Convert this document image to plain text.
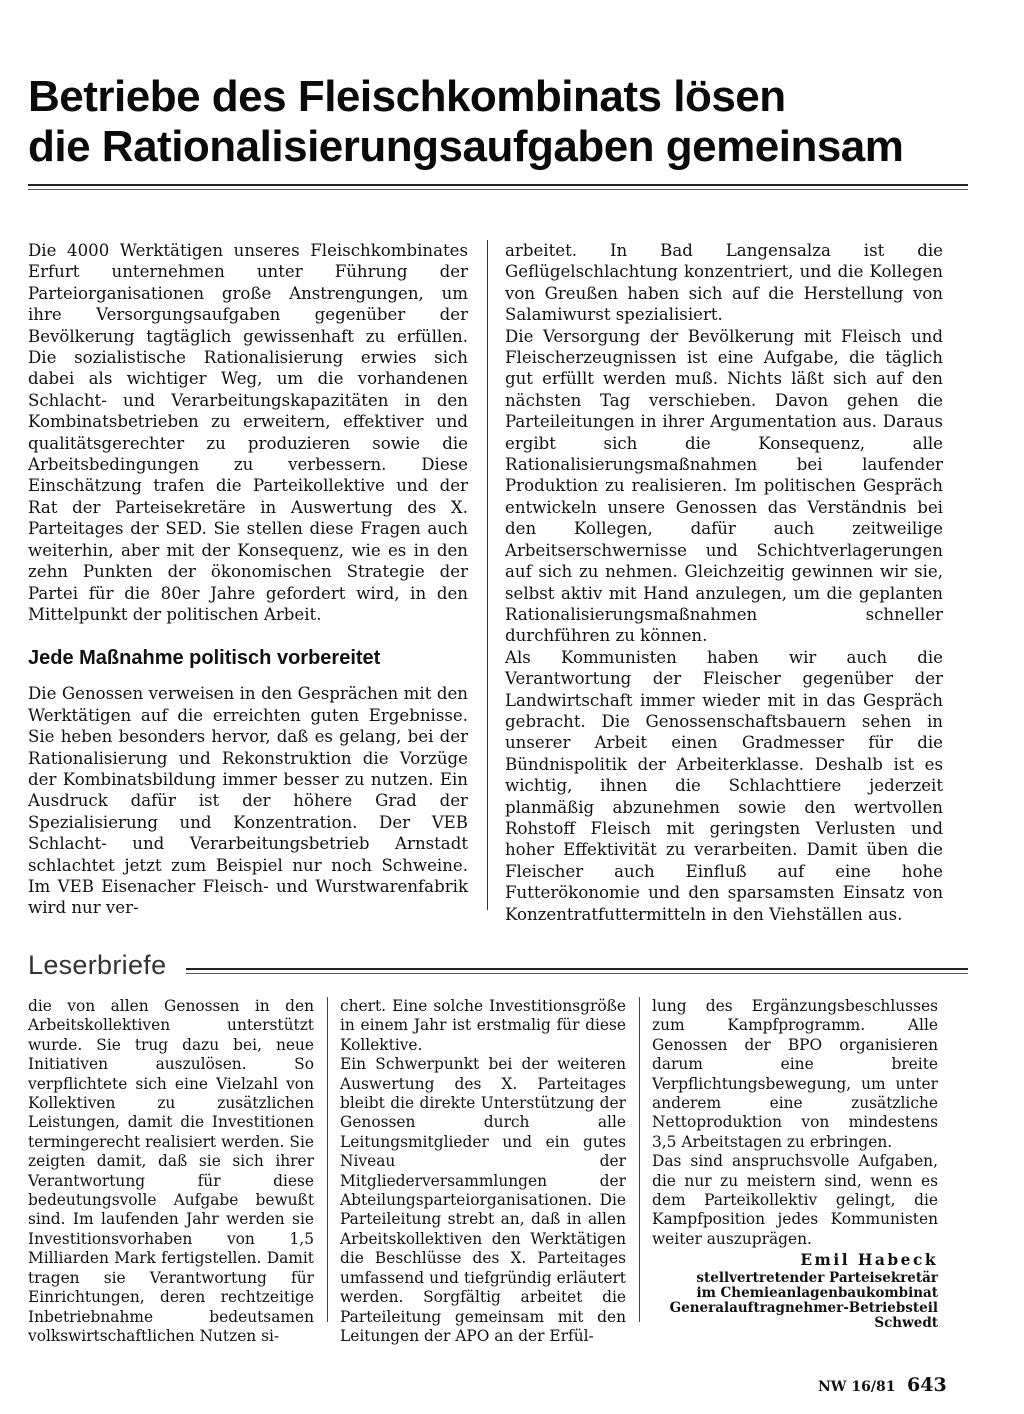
Betriebe des Fleischkombinats lösen
die Rationalisierungsaufgaben gemeinsam

Die 4000 Werktätigen unseres Fleischkombinates Erfurt unternehmen unter Führung der Parteiorganisationen große Anstrengungen, um ihre Versorgungsaufgaben gegenüber der Bevölkerung tagtäglich gewissenhaft zu erfüllen. Die sozialistische Rationalisierung erwies sich dabei als wichtiger Weg, um die vorhandenen Schlacht- und Verarbeitungskapazitäten in den Kombinatsbetrieben zu erweitern, effektiver und qualitätsgerechter zu produzieren sowie die Arbeitsbedingungen zu verbessern. Diese Einschätzung trafen die Parteikollektive und der Rat der Parteisekretäre in Auswertung des X. Parteitages der SED. Sie stellen diese Fragen auch weiterhin, aber mit der Konsequenz, wie es in den zehn Punkten der ökonomischen Strategie der Partei für die 80er Jahre gefordert wird, in den Mittelpunkt der politischen Arbeit.

Jede Maßnahme politisch vorbereitet

Die Genossen verweisen in den Gesprächen mit den Werktätigen auf die erreichten guten Ergebnisse. Sie heben besonders hervor, daß es gelang, bei der Rationalisierung und Rekonstruktion die Vorzüge der Kombinatsbildung immer besser zu nutzen. Ein Ausdruck dafür ist der höhere Grad der Spezialisierung und Konzentration. Der VEB Schlacht- und Verarbeitungsbetrieb Arnstadt schlachtet jetzt zum Beispiel nur noch Schweine. Im VEB Eisenacher Fleisch- und Wurstwarenfabrik wird nur ver-

arbeitet. In Bad Langensalza ist die Geflügelschlachtung konzentriert, und die Kollegen von Greußen haben sich auf die Herstellung von Salamiwurst spezialisiert.

Die Versorgung der Bevölkerung mit Fleisch und Fleischerzeugnissen ist eine Aufgabe, die täglich gut erfüllt werden muß. Nichts läßt sich auf den nächsten Tag verschieben. Davon gehen die Parteileitungen in ihrer Argumentation aus. Daraus ergibt sich die Konsequenz, alle Rationalisierungsmaßnahmen bei laufender Produktion zu realisieren. Im politischen Gespräch entwickeln unsere Genossen das Verständnis bei den Kollegen, dafür auch zeitweilige Arbeitserschwernisse und Schichtverlagerungen auf sich zu nehmen. Gleichzeitig gewinnen wir sie, selbst aktiv mit Hand anzulegen, um die geplanten Rationalisierungsmaßnahmen schneller durchführen zu können.

Als Kommunisten haben wir auch die Verantwortung der Fleischer gegenüber der Landwirtschaft immer wieder mit in das Gespräch gebracht. Die Genossenschaftsbauern sehen in unserer Arbeit einen Gradmesser für die Bündnispolitik der Arbeiterklasse. Deshalb ist es wichtig, ihnen die Schlachttiere jederzeit planmäßig abzunehmen sowie den wertvollen Rohstoff Fleisch mit geringsten Verlusten und hoher Effektivität zu verarbeiten. Damit üben die Fleischer auch Einfluß auf eine hohe Futterökonomie und den sparsamsten Einsatz von Konzentratfuttermitteln in den Viehställen aus.

Leserbriefe

die von allen Genossen in den Arbeitskollektiven unterstützt wurde. Sie trug dazu bei, neue Initiativen auszulösen. So verpflichtete sich eine Vielzahl von Kollektiven zu zusätzlichen Leistungen, damit die Investitionen termingerecht realisiert werden. Sie zeigten damit, daß sie sich ihrer Verantwortung für diese bedeutungsvolle Aufgabe bewußt sind. Im laufenden Jahr werden sie Investitionsvorhaben von 1,5 Milliarden Mark fertigstellen. Damit tragen sie Verantwortung für Einrichtungen, deren rechtzeitige Inbetriebnahme bedeutsamen volkswirtschaftlichen Nutzen si-

chert. Eine solche Investitionsgröße in einem Jahr ist erstmalig für diese Kollektive.

Ein Schwerpunkt bei der weiteren Auswertung des X. Parteitages bleibt die direkte Unterstützung der Genossen durch alle Leitungsmitglieder und ein gutes Niveau der Mitgliederversammlungen der Abteilungsparteiorganisationen. Die Parteileitung strebt an, daß in allen Arbeitskollektiven den Werktätigen die Beschlüsse des X. Parteitages umfassend und tiefgründig erläutert werden. Sorgfältig arbeitet die Parteileitung gemeinsam mit den Leitungen der APO an der Erfül-

lung des Ergänzungsbeschlusses zum Kampfprogramm. Alle Genossen der BPO organisieren darum eine breite Verpflichtungsbewegung, um unter anderem eine zusätzliche Nettoproduktion von mindestens 3,5 Arbeitstagen zu erbringen.

Das sind anspruchsvolle Aufgaben, die nur zu meistern sind, wenn es dem Parteikollektiv gelingt, die Kampfposition jedes Kommunisten weiter auszuprägen.

Emil Habeck

stellvertretender Parteisekretär
im Chemieanlagenbaukombinat
Generalauftragnehmer-Betriebsteil
Schwedt
NW 16/81 643
